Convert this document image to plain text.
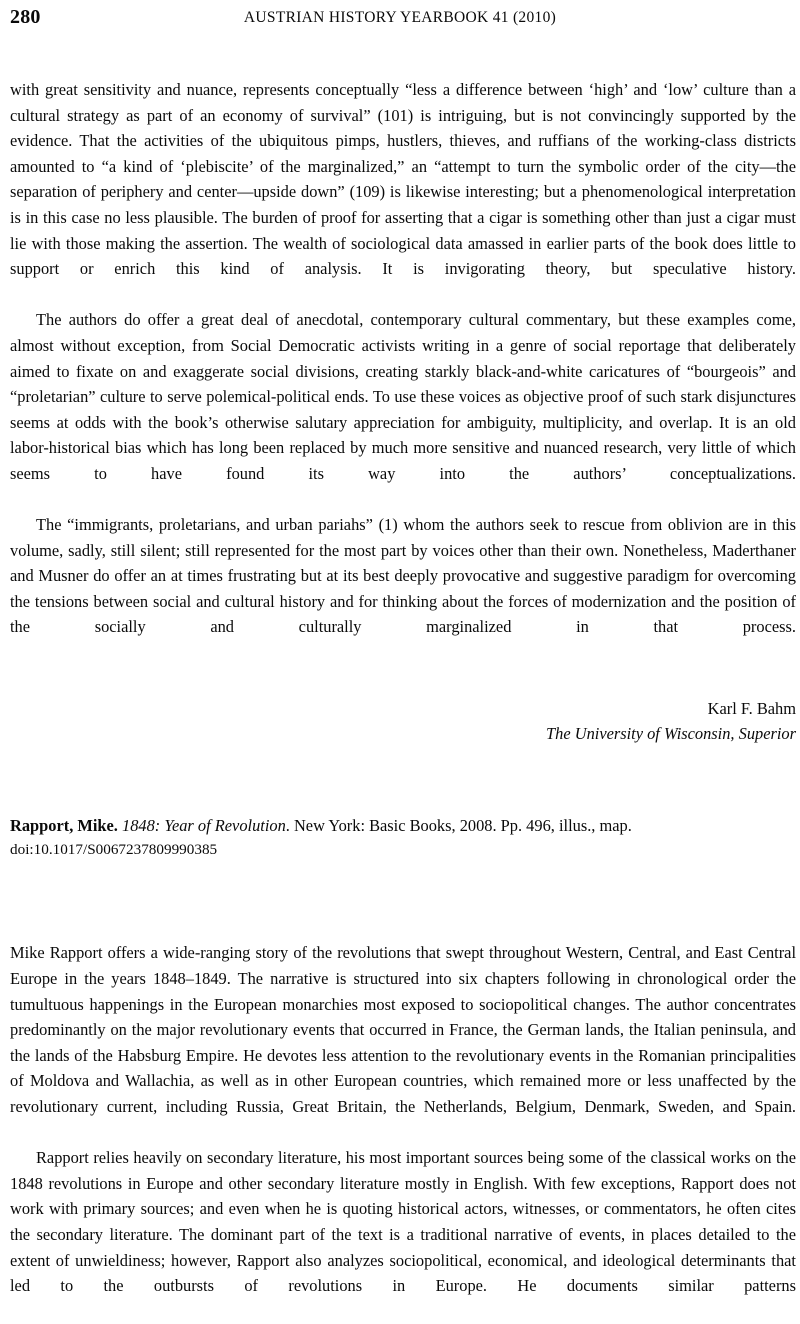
280	AUSTRIAN HISTORY YEARBOOK 41 (2010)

with great sensitivity and nuance, represents conceptually “less a difference between ‘high’ and ‘low’ culture than a cultural strategy as part of an economy of survival” (101) is intriguing, but is not convincingly supported by the evidence. That the activities of the ubiquitous pimps, hustlers, thieves, and ruffians of the working-class districts amounted to “a kind of ‘plebiscite’ of the marginalized,” an “attempt to turn the symbolic order of the city—the separation of periphery and center—upside down” (109) is likewise interesting; but a phenomenological interpretation is in this case no less plausible. The burden of proof for asserting that a cigar is something other than just a cigar must lie with those making the assertion. The wealth of sociological data amassed in earlier parts of the book does little to support or enrich this kind of analysis. It is invigorating theory, but speculative history.

The authors do offer a great deal of anecdotal, contemporary cultural commentary, but these examples come, almost without exception, from Social Democratic activists writing in a genre of social reportage that deliberately aimed to fixate on and exaggerate social divisions, creating starkly black-and-white caricatures of “bourgeois” and “proletarian” culture to serve polemical-political ends. To use these voices as objective proof of such stark disjunctures seems at odds with the book’s otherwise salutary appreciation for ambiguity, multiplicity, and overlap. It is an old labor-historical bias which has long been replaced by much more sensitive and nuanced research, very little of which seems to have found its way into the authors’ conceptualizations.

The “immigrants, proletarians, and urban pariahs” (1) whom the authors seek to rescue from oblivion are in this volume, sadly, still silent; still represented for the most part by voices other than their own. Nonetheless, Maderthaner and Musner do offer an at times frustrating but at its best deeply provocative and suggestive paradigm for overcoming the tensions between social and cultural history and for thinking about the forces of modernization and the position of the socially and culturally marginalized in that process.

Karl F. Bahm
The University of Wisconsin, Superior

Rapport, Mike. 1848: Year of Revolution. New York: Basic Books, 2008. Pp. 496, illus., map.

doi:10.1017/S0067237809990385

Mike Rapport offers a wide-ranging story of the revolutions that swept throughout Western, Central, and East Central Europe in the years 1848–1849. The narrative is structured into six chapters following in chronological order the tumultuous happenings in the European monarchies most exposed to sociopolitical changes. The author concentrates predominantly on the major revolutionary events that occurred in France, the German lands, the Italian peninsula, and the lands of the Habsburg Empire. He devotes less attention to the revolutionary events in the Romanian principalities of Moldova and Wallachia, as well as in other European countries, which remained more or less unaffected by the revolutionary current, including Russia, Great Britain, the Netherlands, Belgium, Denmark, Sweden, and Spain.

Rapport relies heavily on secondary literature, his most important sources being some of the classical works on the 1848 revolutions in Europe and other secondary literature mostly in English. With few exceptions, Rapport does not work with primary sources; and even when he is quoting historical actors, witnesses, or commentators, he often cites the secondary literature. The dominant part of the text is a traditional narrative of events, in places detailed to the extent of unwieldiness; however, Rapport also analyzes sociopolitical, economical, and ideological determinants that led to the outbursts of revolutions in Europe. He documents similar patterns
